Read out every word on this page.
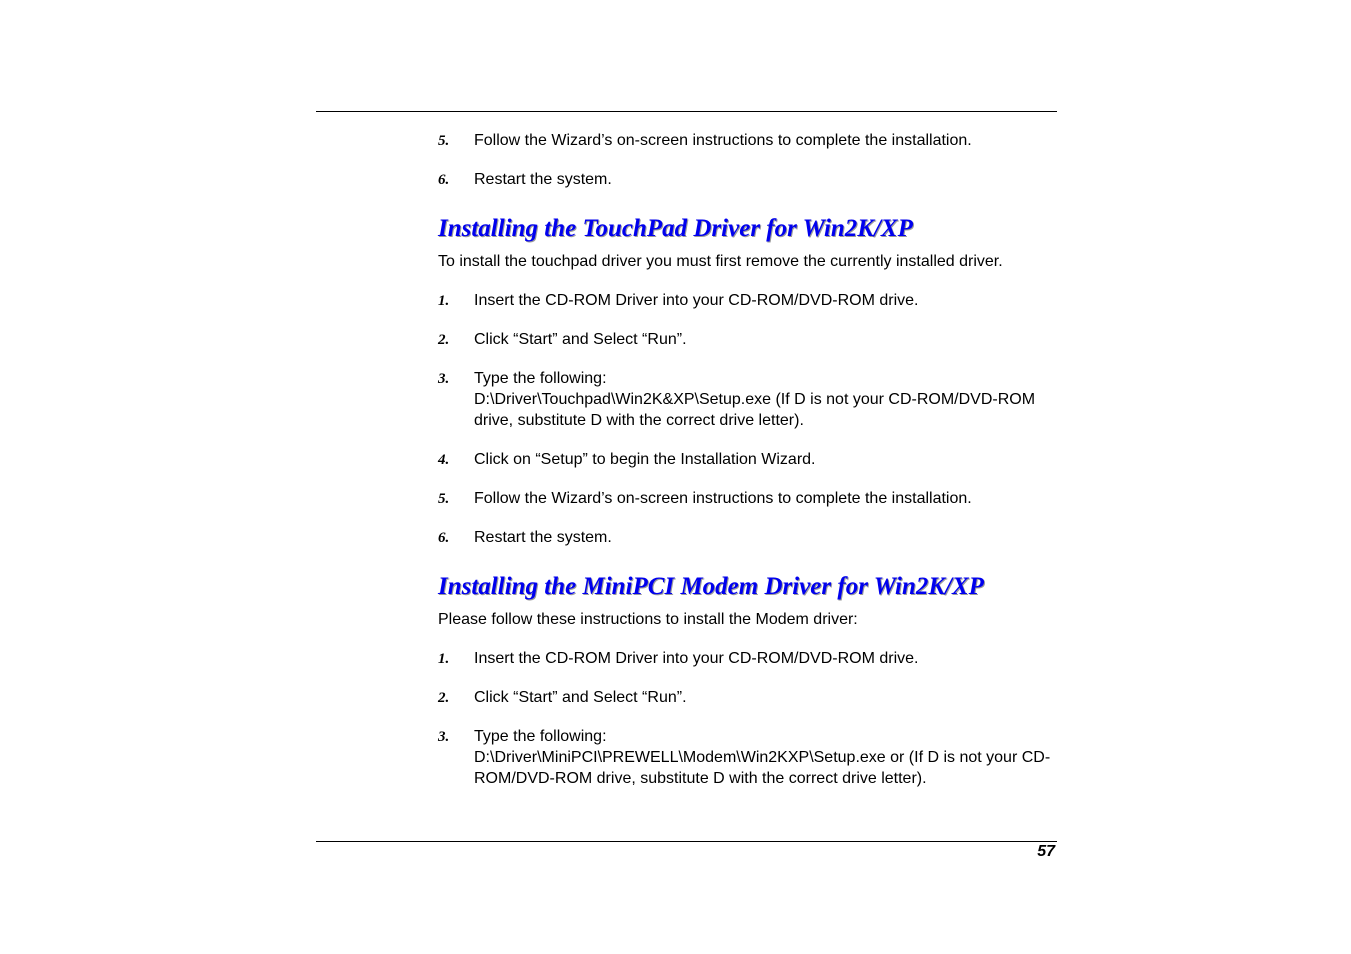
5. Follow the Wizard’s on-screen instructions to complete the installation.
6. Restart the system.
Installing the TouchPad Driver for Win2K/XP
To install the touchpad driver you must first remove the currently installed driver.
1. Insert the CD-ROM Driver into your CD-ROM/DVD-ROM drive.
2. Click “Start” and Select “Run”.
3. Type the following:
D:\Driver\Touchpad\Win2K&XP\Setup.exe (If D is not your CD-ROM/DVD-ROM drive, substitute D with the correct drive letter).
4. Click on “Setup” to begin the Installation Wizard.
5. Follow the Wizard’s on-screen instructions to complete the installation.
6. Restart the system.
Installing the MiniPCI Modem Driver for Win2K/XP
Please follow these instructions to install the Modem driver:
1. Insert the CD-ROM Driver into your CD-ROM/DVD-ROM drive.
2. Click “Start” and Select “Run”.
3. Type the following:
D:\Driver\MiniPCI\PREWELL\Modem\Win2KXP\Setup.exe or (If D is not your CD-ROM/DVD-ROM drive, substitute D with the correct drive letter).
57
